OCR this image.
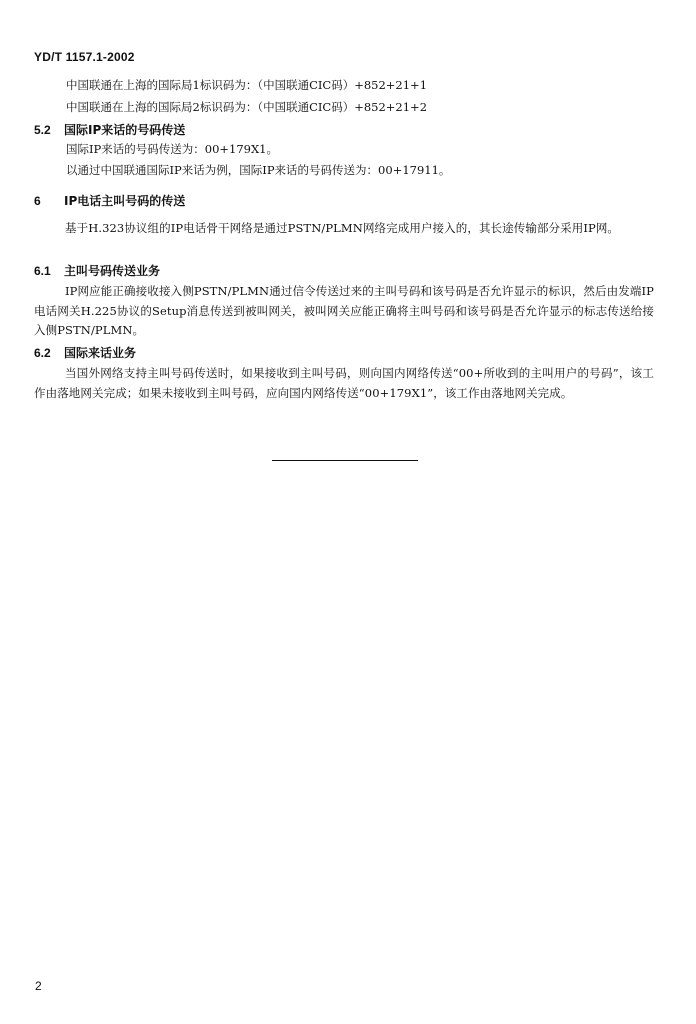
YD/T 1157.1-2002
中国联通在上海的国际局1标识码为：（中国联通CIC码）+852+21+1
中国联通在上海的国际局2标识码为：（中国联通CIC码）+852+21+2
5.2 国际IP来话的号码传送
国际IP来话的号码传送为：00+179X1。
以通过中国联通国际IP来话为例，国际IP来话的号码传送为：00+17911。
6 IP电话主叫号码的传送
基于H.323协议组的IP电话骨干网络是通过PSTN/PLMN网络完成用户接入的，其长途传输部分采用IP网。
6.1 主叫号码传送业务
IP网应能正确接收接入侧PSTN/PLMN通过信令传送过来的主叫号码和该号码是否允许显示的标识，然后由发端IP电话网关H.225协议的Setup消息传送到被叫网关，被叫网关应能正确将主叫号码和该号码是否允许显示的标志传送给接入侧PSTN/PLMN。
6.2 国际来话业务
当国外网络支持主叫号码传送时，如果接收到主叫号码，则向国内网络传送“00+所收到的主叫用户的号码”，该工作由落地网关完成；如果未接收到主叫号码，应向国内网络传送“00+179X1”，该工作由落地网关完成。
2
